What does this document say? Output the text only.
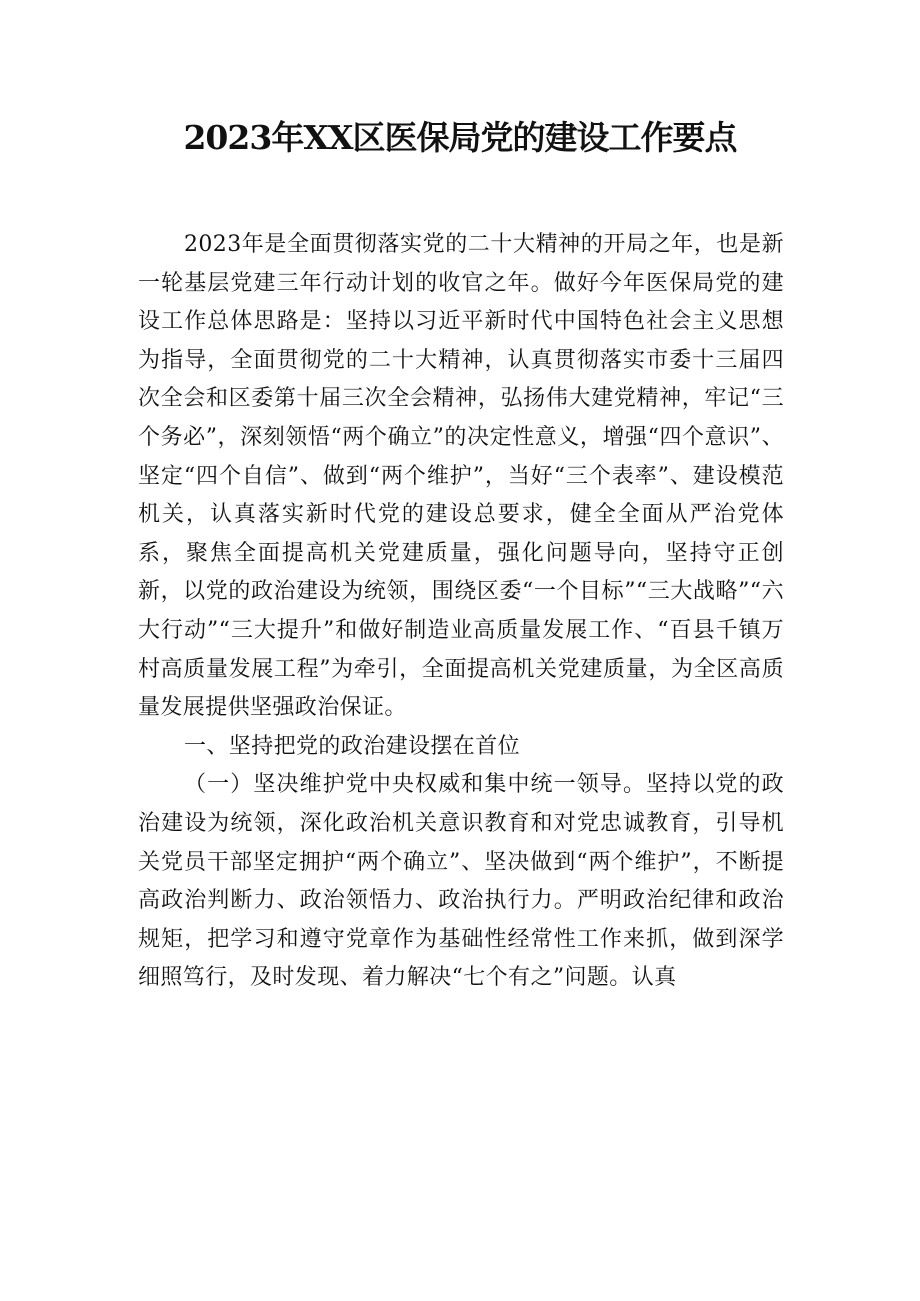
2023年XX区医保局党的建设工作要点

2023年是全面贯彻落实党的二十大精神的开局之年，也是新一轮基层党建三年行动计划的收官之年。做好今年医保局党的建设工作总体思路是：坚持以习近平新时代中国特色社会主义思想为指导，全面贯彻党的二十大精神，认真贯彻落实市委十三届四次全会和区委第十届三次全会精神，弘扬伟大建党精神，牢记“三个务必”，深刻领悟“两个确立”的决定性意义，增强“四个意识”、坚定“四个自信”、做到“两个维护”，当好“三个表率”、建设模范机关，认真落实新时代党的建设总要求，健全全面从严治党体系，聚焦全面提高机关党建质量，强化问题导向，坚持守正创新，以党的政治建设为统领，围绕区委“一个目标”“三大战略”“六大行动”“三大提升”和做好制造业高质量发展工作、“百县千镇万村高质量发展工程”为牵引，全面提高机关党建质量，为全区高质量发展提供坚强政治保证。

一、坚持把党的政治建设摆在首位

（一）坚决维护党中央权威和集中统一领导。坚持以党的政治建设为统领，深化政治机关意识教育和对党忠诚教育，引导机关党员干部坚定拥护“两个确立”、坚决做到“两个维护”，不断提高政治判断力、政治领悟力、政治执行力。严明政治纪律和政治规矩，把学习和遵守党章作为基础性经常性工作来抓，做到深学细照笃行，及时发现、着力解决“七个有之”问题。认真
